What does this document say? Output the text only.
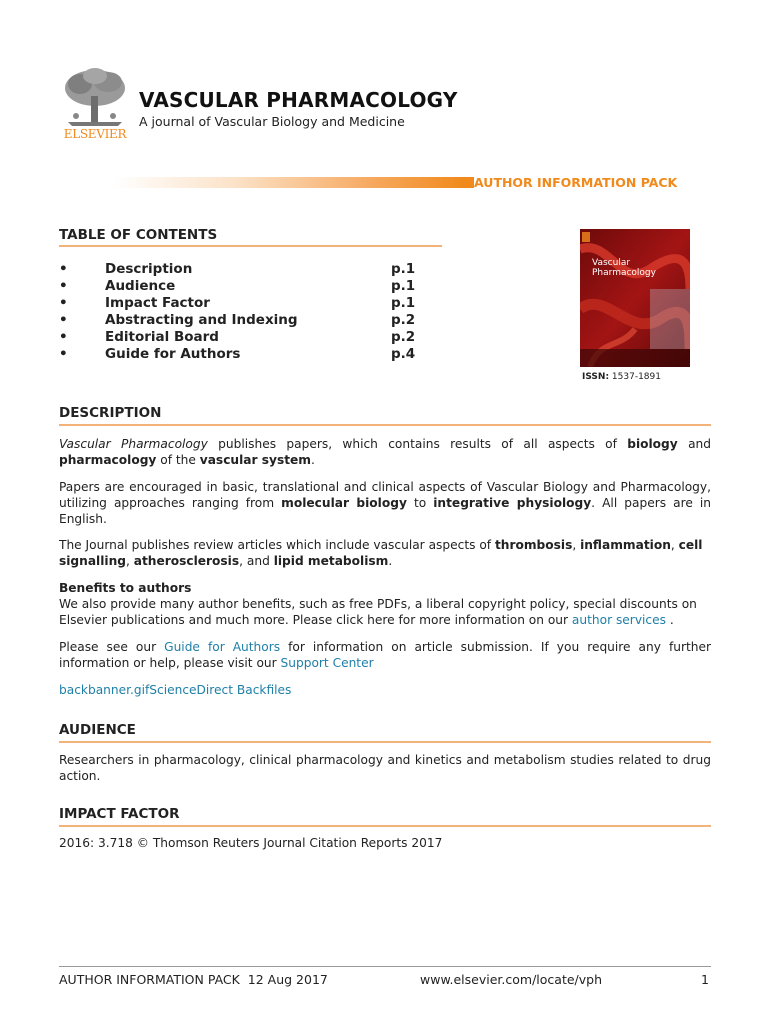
ELSEVIER
VASCULAR PHARMACOLOGY
A journal of Vascular Biology and Medicine
AUTHOR INFORMATION PACK
TABLE OF CONTENTS
•	Description	p.1
•	Audience	p.1
•	Impact Factor	p.1
•	Abstracting and Indexing	p.2
•	Editorial Board	p.2
•	Guide for Authors	p.4
Vascular Pharmacology
ISSN: 1537-1891
DESCRIPTION
Vascular Pharmacology publishes papers, which contains results of all aspects of biology and pharmacology of the vascular system.
Papers are encouraged in basic, translational and clinical aspects of Vascular Biology and Pharmacology, utilizing approaches ranging from molecular biology to integrative physiology. All papers are in English.
The Journal publishes review articles which include vascular aspects of thrombosis, inflammation, cell signalling, atherosclerosis, and lipid metabolism.
Benefits to authors
We also provide many author benefits, such as free PDFs, a liberal copyright policy, special discounts on Elsevier publications and much more. Please click here for more information on our author services .
Please see our Guide for Authors for information on article submission. If you require any further information or help, please visit our Support Center
backbanner.gifScienceDirect Backfiles
AUDIENCE
Researchers in pharmacology, clinical pharmacology and kinetics and metabolism studies related to drug action.
IMPACT FACTOR
2016: 3.718 © Thomson Reuters Journal Citation Reports 2017
AUTHOR INFORMATION PACK  12 Aug 2017	www.elsevier.com/locate/vph	1
